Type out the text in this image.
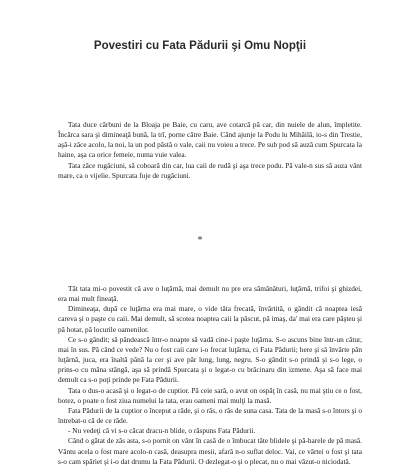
Povestiri cu Fata Pădurii şi Omu Nopţii

Tata duce cărbuni de la Bloaja pe Baie, cu caru, ave cotarcă pă car, din nuiele de alun, împletite. Încărca sara şi dimineaţă bună, la trî, porne către Baie. Când ajunje la Podu lu Mihăilă, io-s din Trestie, aşă-i zâce acolo, la noi, la un pod păstă o vale, caii nu voieu a trece. Pe sub pod să auză cum Spurcata la haine, aşa ca orice femeie, numa vuie valea.

Tata zâce rugăciuni, să coboară din car, lua caii de rudă şi aşa trece podu. Pă vale-n sus să auza vânt mare, ca o vijelie. Spurcata fuje de rugăciuni.

*

Tăt tata mi-o povestit că ave o luţărnă, mai demult nu pre era sămânături, luţărnă, trifoi şi ghizdei, era mai mult fineaţă.

Dimineaţa, după ce luţărna era mai mare, o vide tăta frecată, învârtită, o gândit că noaptea iesă careva şi o paşte cu caii. Mai demult, să scotea noaptea caii la păscut, pă imaş, da' mai era care păşteu şi pă hotar, pă locurile oamenilor.

Ce s-o gândit; să pândească într-o noapte să vadă cine-i paşte luţărna. S-o ascuns bine într-un câtur, mai în sus. Pă când ce vede? Nu o fost caii care i-o frecat luţărna, ci Fata Pădurii; here şi să învârte păn luţărnă, juca, era înaltă până la cer şi ave păr lung, lung, negru. S-o gândit s-o prindă şi s-o lege, o prins-o cu mâna stângă, aşa să prindă Spurcata şi o legat-o cu brăcinaru din izmene. Aşa să face mai demult ca s-o poţi prinde pe Fata Pădurii.

Tata o dus-o acasă şi o legat-o de cuptior. Pă ceie sară, o avut on ospăţ în casă, nu mai ştiu ce o fost, botez, o poate o fost ziua numelui la tata, erau oameni mai mulţi la masă.

Fata Pădurii de la cuptior o început a râde, şi o râs, o râs de suna casa. Tata de la masă s-o întors şi o întrebat-o că de ce râde.

- Nu vedeţi că vi s-o căcat dracu-n blide, o răspuns Fata Pădurii.

Când o gătat de zâs asta, s-o pornit on vânt în casă de o îmbucat tăte blidele şi pă-harele de pă masă. Vântu acela o fost mare acolo-n casă, deasupra mesii, afară n-o suflat deloc. Vai, ce vărtei o fost şi tata s-o cam spăriet şi i-o dat drumu la Fata Pădurii. O dezlegat-o şi o plecat, nu o mai văzut-o niciodată.
